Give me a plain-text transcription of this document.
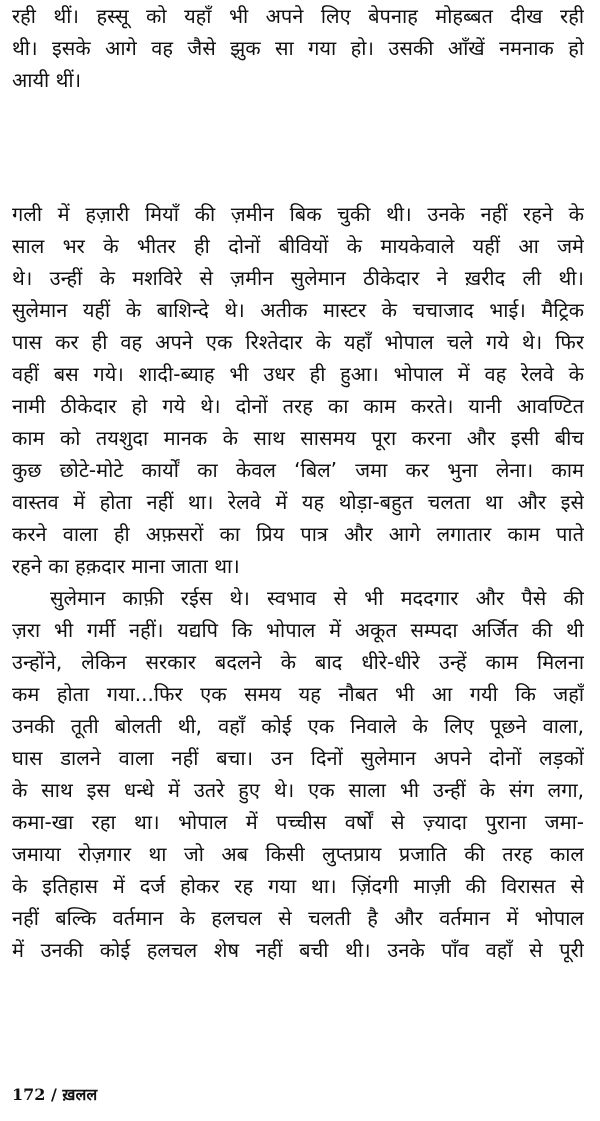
रही थीं। हस्सू को यहाँ भी अपने लिए बेपनाह मोहब्बत दीख रही
थी। इसके आगे वह जैसे झुक सा गया हो। उसकी आँखें नमनाक हो
आयी थीं।
गली में हज़ारी मियाँ की ज़मीन बिक चुकी थी। उनके नहीं रहने के
साल भर के भीतर ही दोनों बीवियों के मायकेवाले यहीं आ जमे
थे। उन्हीं के मशविरे से ज़मीन सुलेमान ठीकेदार ने ख़रीद ली थी।
सुलेमान यहीं के बाशिन्दे थे। अतीक मास्टर के चचाजाद भाई। मैट्रिक
पास कर ही वह अपने एक रिश्तेदार के यहाँ भोपाल चले गये थे। फिर
वहीं बस गये। शादी-ब्याह भी उधर ही हुआ। भोपाल में वह रेलवे के
नामी ठीकेदार हो गये थे। दोनों तरह का काम करते। यानी आवण्टित
काम को तयशुदा मानक के साथ सासमय पूरा करना और इसी बीच
कुछ छोटे-मोटे कार्यों का केवल ‘बिल’ जमा कर भुना लेना। काम
वास्तव में होता नहीं था। रेलवे में यह थोड़ा-बहुत चलता था और इसे
करने वाला ही अफ़सरों का प्रिय पात्र और आगे लगातार काम पाते
रहने का हक़दार माना जाता था।
सुलेमान काफ़ी रईस थे। स्वभाव से भी मददगार और पैसे की
ज़रा भी गर्मी नहीं। यद्यपि कि भोपाल में अकूत सम्पदा अर्जित की थी
उन्होंने, लेकिन सरकार बदलने के बाद धीरे-धीरे उन्हें काम मिलना
कम होता गया...फिर एक समय यह नौबत भी आ गयी कि जहाँ
उनकी तूती बोलती थी, वहाँ कोई एक निवाले के लिए पूछने वाला,
घास डालने वाला नहीं बचा। उन दिनों सुलेमान अपने दोनों लड़कों
के साथ इस धन्धे में उतरे हुए थे। एक साला भी उन्हीं के संग लगा,
कमा-खा रहा था। भोपाल में पच्चीस वर्षों से ज़्यादा पुराना जमा-
जमाया रोज़गार था जो अब किसी लुप्तप्राय प्रजाति की तरह काल
के इतिहास में दर्ज होकर रह गया था। ज़िंदगी माज़ी की विरासत से
नहीं बल्कि वर्तमान के हलचल से चलती है और वर्तमान में भोपाल
में उनकी कोई हलचल शेष नहीं बची थी। उनके पाँव वहाँ से पूरी
172 / ख़लल
